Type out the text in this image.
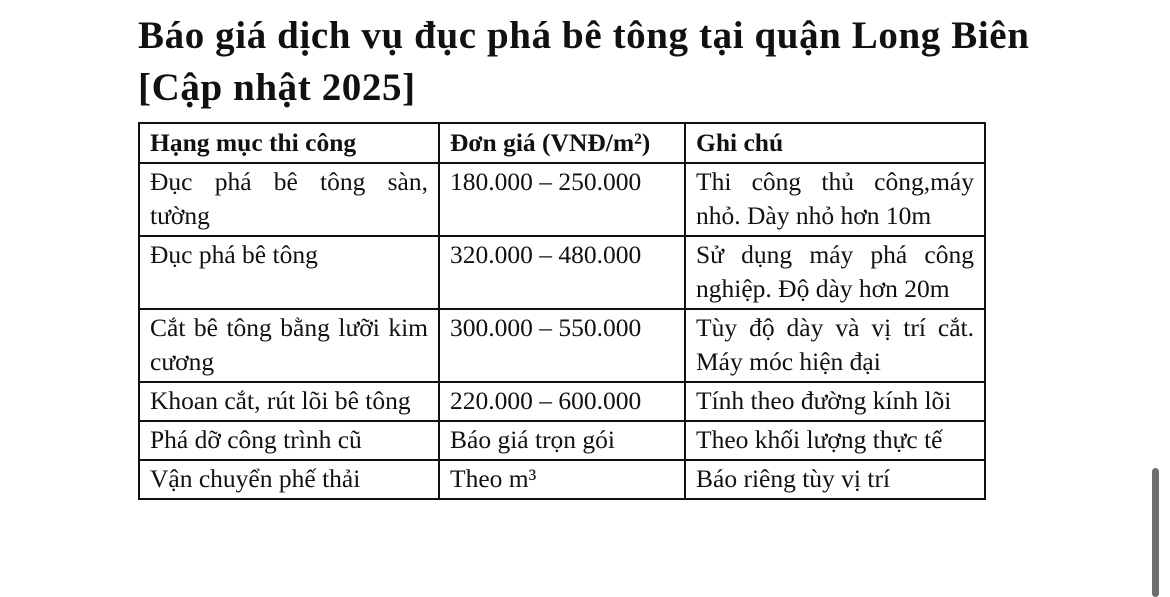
Báo giá dịch vụ đục phá bê tông tại quận Long Biên [Cập nhật 2025]
Hạng mục thi công	Đơn giá (VNĐ/m²)	Ghi chú
Đục phá bê tông sàn, tường	180.000 – 250.000	Thi công thủ công,máy nhỏ. Dày nhỏ hơn 10m
Đục phá bê tông	320.000 – 480.000	Sử dụng máy phá công nghiệp. Độ dày hơn 20m
Cắt bê tông bằng lưỡi kim cương	300.000 – 550.000	Tùy độ dày và vị trí cắt. Máy móc hiện đại
Khoan cắt, rút lõi bê tông	220.000 – 600.000	Tính theo đường kính lõi
Phá dỡ công trình cũ	Báo giá trọn gói	Theo khối lượng thực tế
Vận chuyển phế thải	Theo m³	Báo riêng tùy vị trí
